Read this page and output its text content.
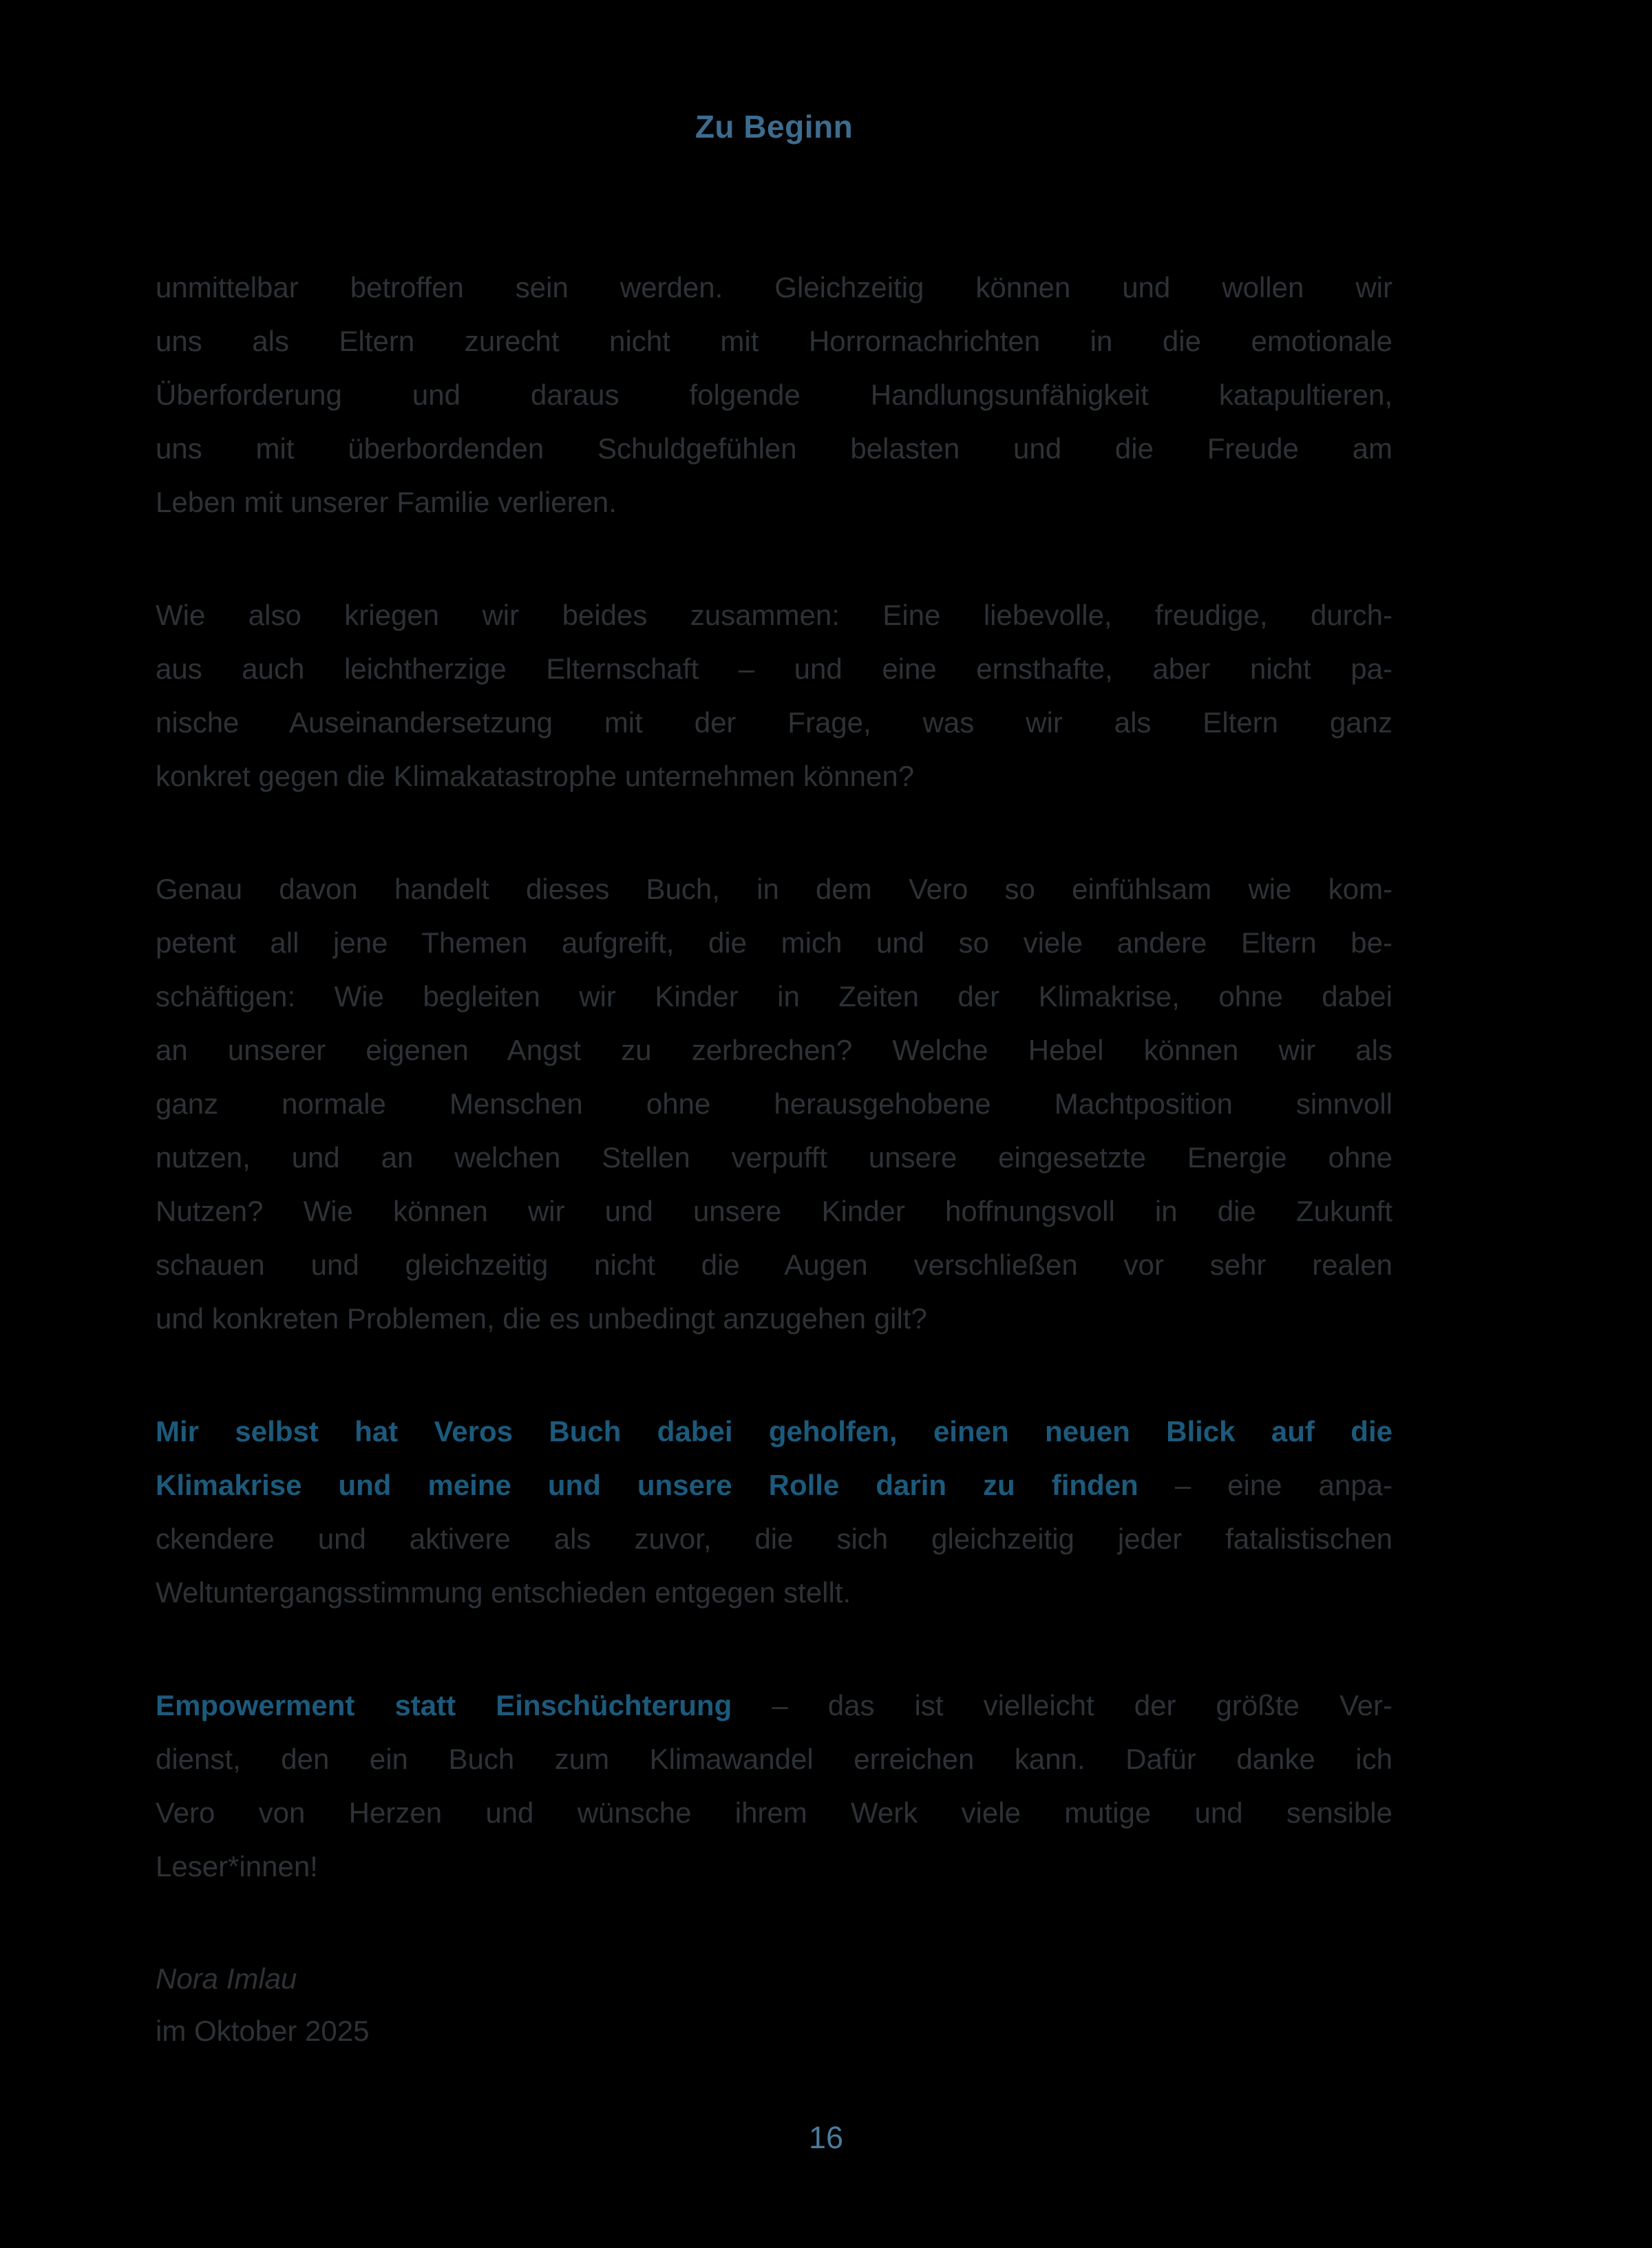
Zu Beginn
unmittelbar betroffen sein werden. Gleichzeitig können und wollen wir
uns als Eltern zurecht nicht mit Horrornachrichten in die emotionale
Überforderung und daraus folgende Handlungsunfähigkeit katapultieren,
uns mit überbordenden Schuldgefühlen belasten und die Freude am
Leben mit unserer Familie verlieren.
Wie also kriegen wir beides zusammen: Eine liebevolle, freudige, durch-
aus auch leichtherzige Elternschaft – und eine ernsthafte, aber nicht pa-
nische Auseinandersetzung mit der Frage, was wir als Eltern ganz
konkret gegen die Klimakatastrophe unternehmen können?
Genau davon handelt dieses Buch, in dem Vero so einfühlsam wie kom-
petent all jene Themen aufgreift, die mich und so viele andere Eltern be-
schäftigen: Wie begleiten wir Kinder in Zeiten der Klimakrise, ohne dabei
an unserer eigenen Angst zu zerbrechen? Welche Hebel können wir als
ganz normale Menschen ohne herausgehobene Machtposition sinnvoll
nutzen, und an welchen Stellen verpufft unsere eingesetzte Energie ohne
Nutzen? Wie können wir und unsere Kinder hoffnungsvoll in die Zukunft
schauen und gleichzeitig nicht die Augen verschließen vor sehr realen
und konkreten Problemen, die es unbedingt anzugehen gilt?
Mir selbst hat Veros Buch dabei geholfen, einen neuen Blick auf die
Klimakrise und meine und unsere Rolle darin zu finden – eine anpa-
ckendere und aktivere als zuvor, die sich gleichzeitig jeder fatalistischen
Weltuntergangsstimmung entschieden entgegen stellt.
Empowerment statt Einschüchterung – das ist vielleicht der größte Ver-
dienst, den ein Buch zum Klimawandel erreichen kann. Dafür danke ich
Vero von Herzen und wünsche ihrem Werk viele mutige und sensible
Leser*innen!
Nora Imlau
im Oktober 2025
16
